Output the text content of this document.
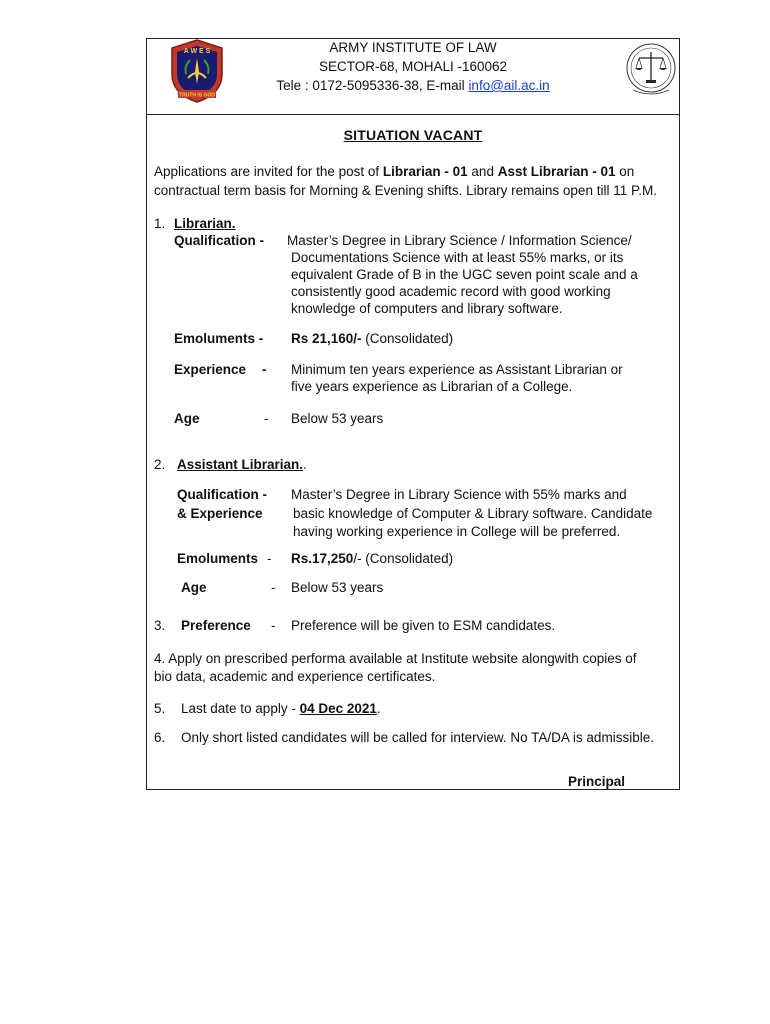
A W E S
TRUTH IS GOD
ARMY INSTITUTE OF LAW
SECTOR-68, MOHALI -160062
Tele : 0172-5095336-38, E-mail info@ail.ac.in
SITUATION VACANT
Applications are invited for the post of Librarian - 01 and Asst Librarian - 01 on
contractual term basis for Morning & Evening shifts. Library remains open till 11 P.M.
1. Librarian.
Qualification - Master’s Degree in Library Science / Information Science/
Documentations Science with at least 55% marks, or its
equivalent Grade of B in the UGC seven point scale and a
consistently good academic record with good working
knowledge of computers and library software.
Emoluments - Rs 21,160/- (Consolidated)
Experience - Minimum ten years experience as Assistant Librarian or
five years experience as Librarian of a College.
Age	- Below 53 years
2. Assistant Librarian..
Qualification -
& Experience
Master’s Degree in Library Science with 55% marks and
basic knowledge of Computer & Library software. Candidate
having working experience in College will be preferred.
Emoluments - Rs.17,250/- (Consolidated)
Age	- Below 53 years
3. Preference - Preference will be given to ESM candidates.
4. Apply on prescribed performa available at Institute website alongwith copies of
bio data, academic and experience certificates.
5. Last date to apply - 04 Dec 2021.
6. Only short listed candidates will be called for interview. No TA/DA is admissible.
Principal
